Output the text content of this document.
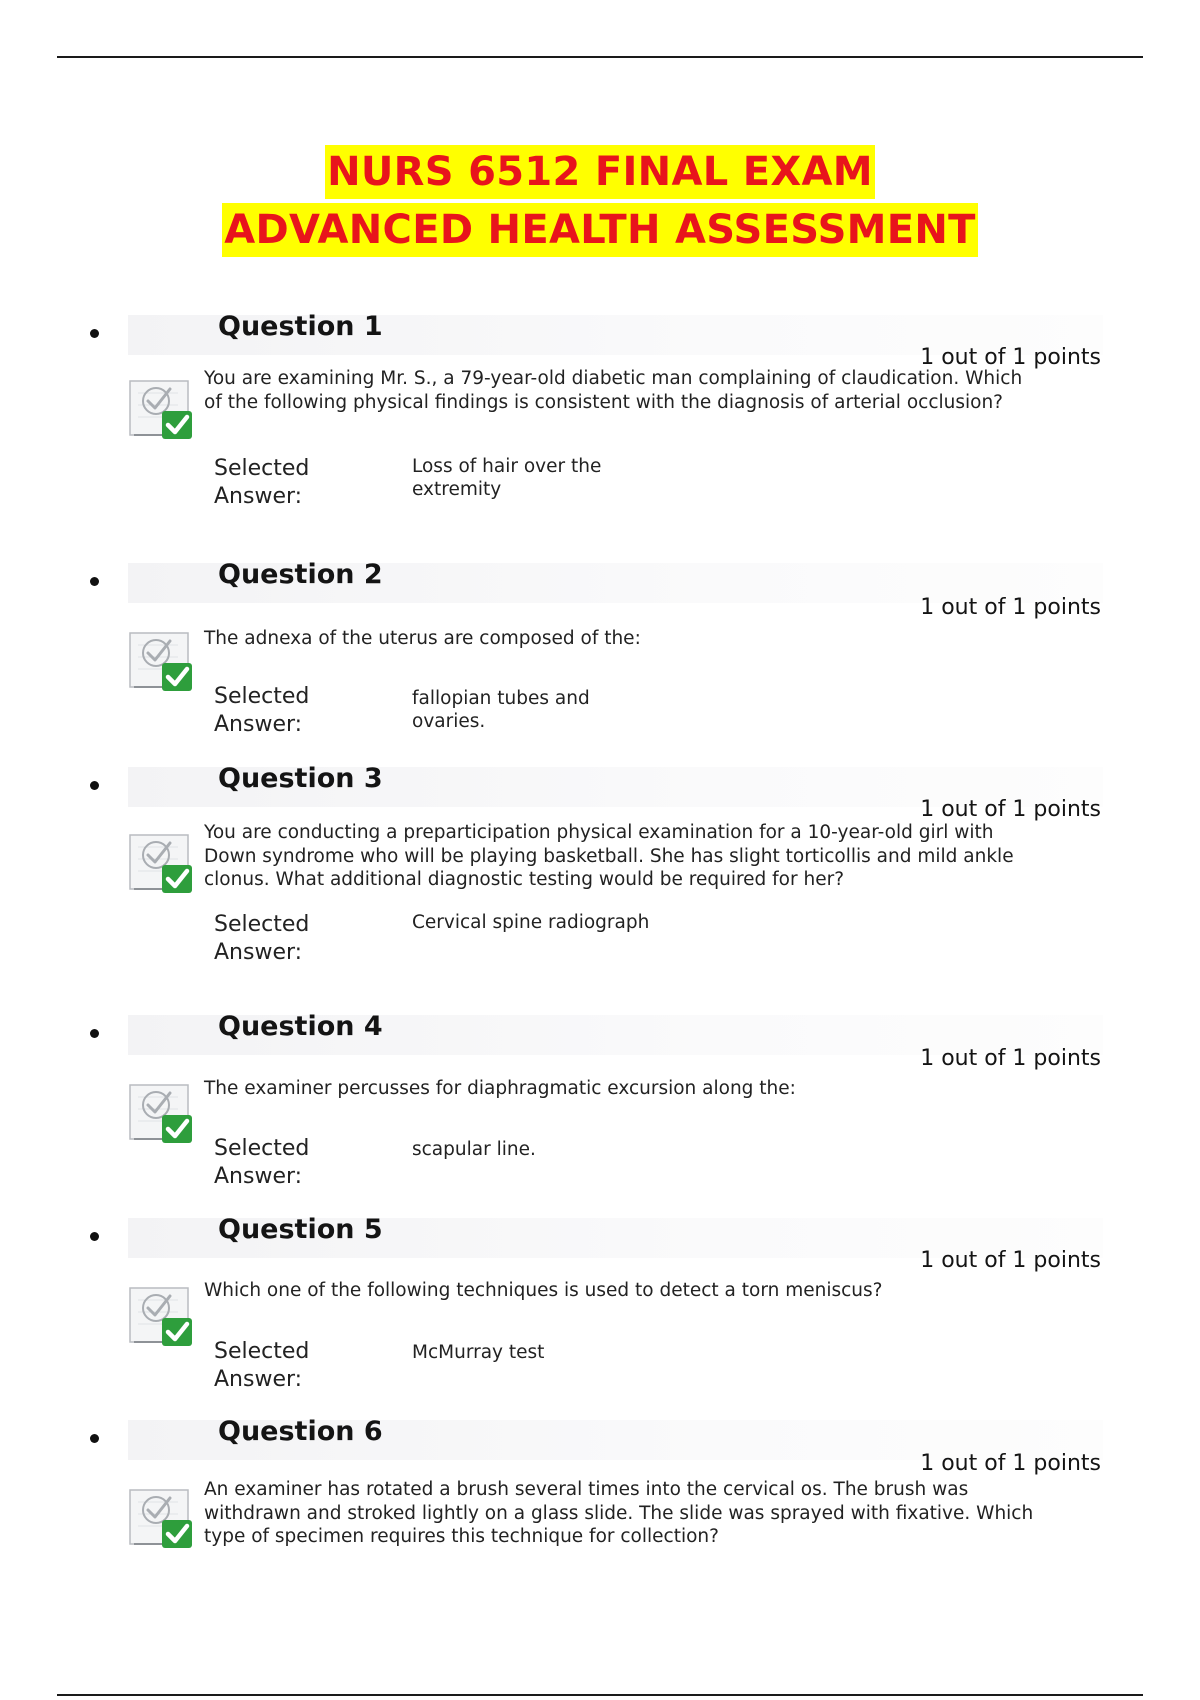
NURS 6512 FINAL EXAM
ADVANCED HEALTH ASSESSMENT
Question 1
1 out of 1 points
You are examining Mr. S., a 79-year-old diabetic man complaining of claudication. Which of the following physical findings is consistent with the diagnosis of arterial occlusion?
Selected
Answer:
Loss of hair over the extremity
Question 2
1 out of 1 points
The adnexa of the uterus are composed of the:
Selected
Answer:
fallopian tubes and ovaries.
Question 3
1 out of 1 points
You are conducting a preparticipation physical examination for a 10-year-old girl with Down syndrome who will be playing basketball. She has slight torticollis and mild ankle clonus. What additional diagnostic testing would be required for her?
Selected
Answer:
Cervical spine radiograph
Question 4
1 out of 1 points
The examiner percusses for diaphragmatic excursion along the:
Selected
Answer:
scapular line.
Question 5
1 out of 1 points
Which one of the following techniques is used to detect a torn meniscus?
Selected
Answer:
McMurray test
Question 6
1 out of 1 points
An examiner has rotated a brush several times into the cervical os. The brush was withdrawn and stroked lightly on a glass slide. The slide was sprayed with fixative. Which type of specimen requires this technique for collection?
